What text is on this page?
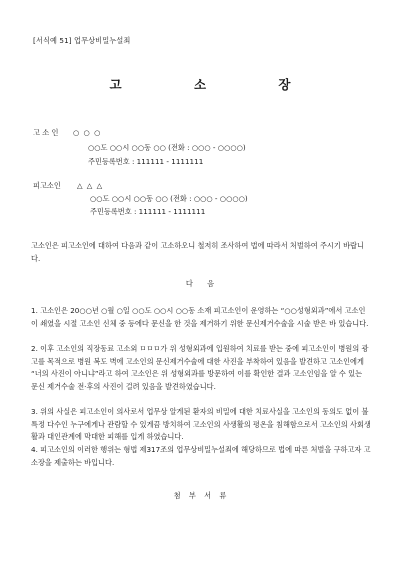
[서식예 51] 업무상비밀누설죄
고 소 장
고 소 인 ○ ○ ○
○○도 ○○시 ○○동 ○○ (전화 : ○○○ - ○○○○)
주민등록번호 : 111111 - 1111111
피고소인 △ △ △
○○도 ○○시 ○○동 ○○ (전화 : ○○○ - ○○○○)
주민등록번호 : 111111 - 1111111

고소인은 피고소인에 대하여 다음과 같이 고소하오니 철저히 조사하여 법에 따라서 처벌하여 주시기 바랍니다.

다 음

1. 고소인은 20○○년 ○월 ○일 ○○도 ○○시 ○○동 소재 피고소인이 운영하는 “○○성형외과”에서 고소인이 쇄였을 시절 고소인 신체 중 등에다 문신을 한 것을 제거하기 위한 문신제거수술을 시술 받은 바 있습니다.

2. 이후 고소인의 직장동료 고소외 ㅁㅁㅁ가 위 성형외과에 입원하여 치료를 받는 중에 피고소인이 병원의 광고를 목적으로 병원 복도 벽에 고소인의 문신제거수술에 대한 사진을 부착하여 있음을 발견하고 고소인에게 “너의 사진이 아니냐”라고 하여 고소인은 위 성형외과를 방문하여 이를 확인한 결과 고소인임을 알 수 있는 문신 제거수술 전·후의 사진이 걸려 있음을 발견하였습니다.

3. 위의 사실은 피고소인이 의사로서 업무상 알게된 환자의 비밀에 대한 치료사실을 고소인의 동의도 없이 불특정 다수인 누구에게나 관람할 수 있게끔 방치하여 고소인의 사생활의 평온을 침해함으로서 고소인의 사회생활과 대인관계에 막대한 피해를 입게 하였습니다.

4. 피고소인의 이러한 행위는 형법 제317조의 업무상비밀누설죄에 해당하므로 법에 따른 처벌을 구하고자 고소장을 제출하는 바입니다.

첨 부 서 류
